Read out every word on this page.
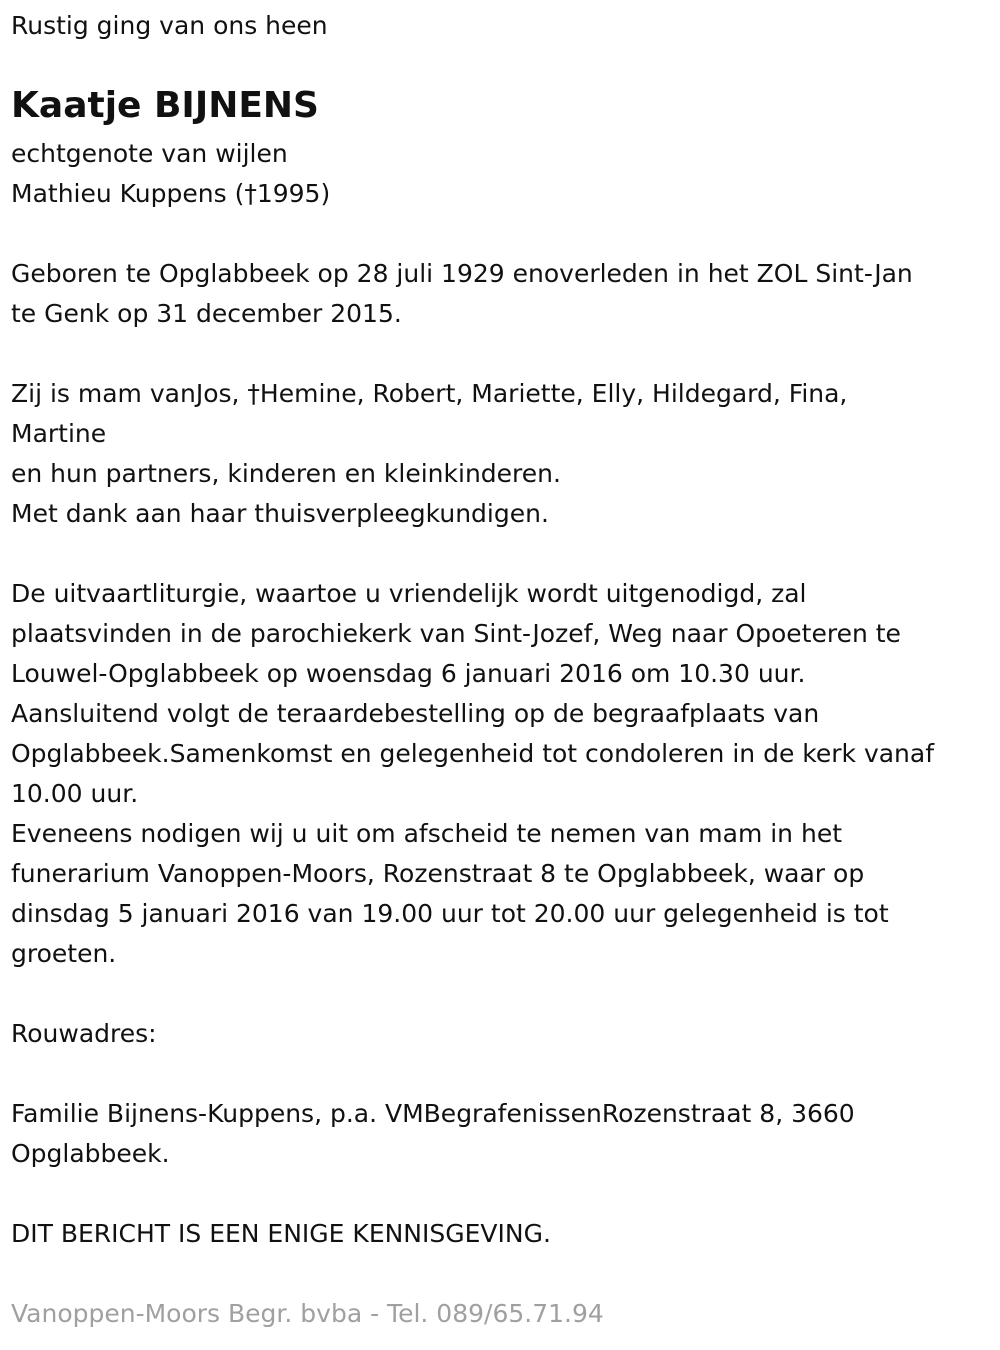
Rustig ging van ons heen
Kaatje BIJNENS
echtgenote van wijlen
Mathieu Kuppens (†1995)
Geboren te Opglabbeek op 28 juli 1929 enoverleden in het ZOL Sint-Jan
te Genk op 31 december 2015.
Zij is mam vanJos, †Hemine, Robert, Mariette, Elly, Hildegard, Fina,
Martine
en hun partners, kinderen en kleinkinderen.
Met dank aan haar thuisverpleegkundigen.
De uitvaartliturgie, waartoe u vriendelijk wordt uitgenodigd, zal
plaatsvinden in de parochiekerk van Sint-Jozef, Weg naar Opoeteren te
Louwel-Opglabbeek op woensdag 6 januari 2016 om 10.30 uur.
Aansluitend volgt de teraardebestelling op de begraafplaats van
Opglabbeek.Samenkomst en gelegenheid tot condoleren in de kerk vanaf
10.00 uur.
Eveneens nodigen wij u uit om afscheid te nemen van mam in het
funerarium Vanoppen-Moors, Rozenstraat 8 te Opglabbeek, waar op
dinsdag 5 januari 2016 van 19.00 uur tot 20.00 uur gelegenheid is tot
groeten.
Rouwadres:
Familie Bijnens-Kuppens, p.a. VMBegrafenissenRozenstraat 8, 3660
Opglabbeek.
DIT BERICHT IS EEN ENIGE KENNISGEVING.
Vanoppen-Moors Begr. bvba - Tel. 089/65.71.94
